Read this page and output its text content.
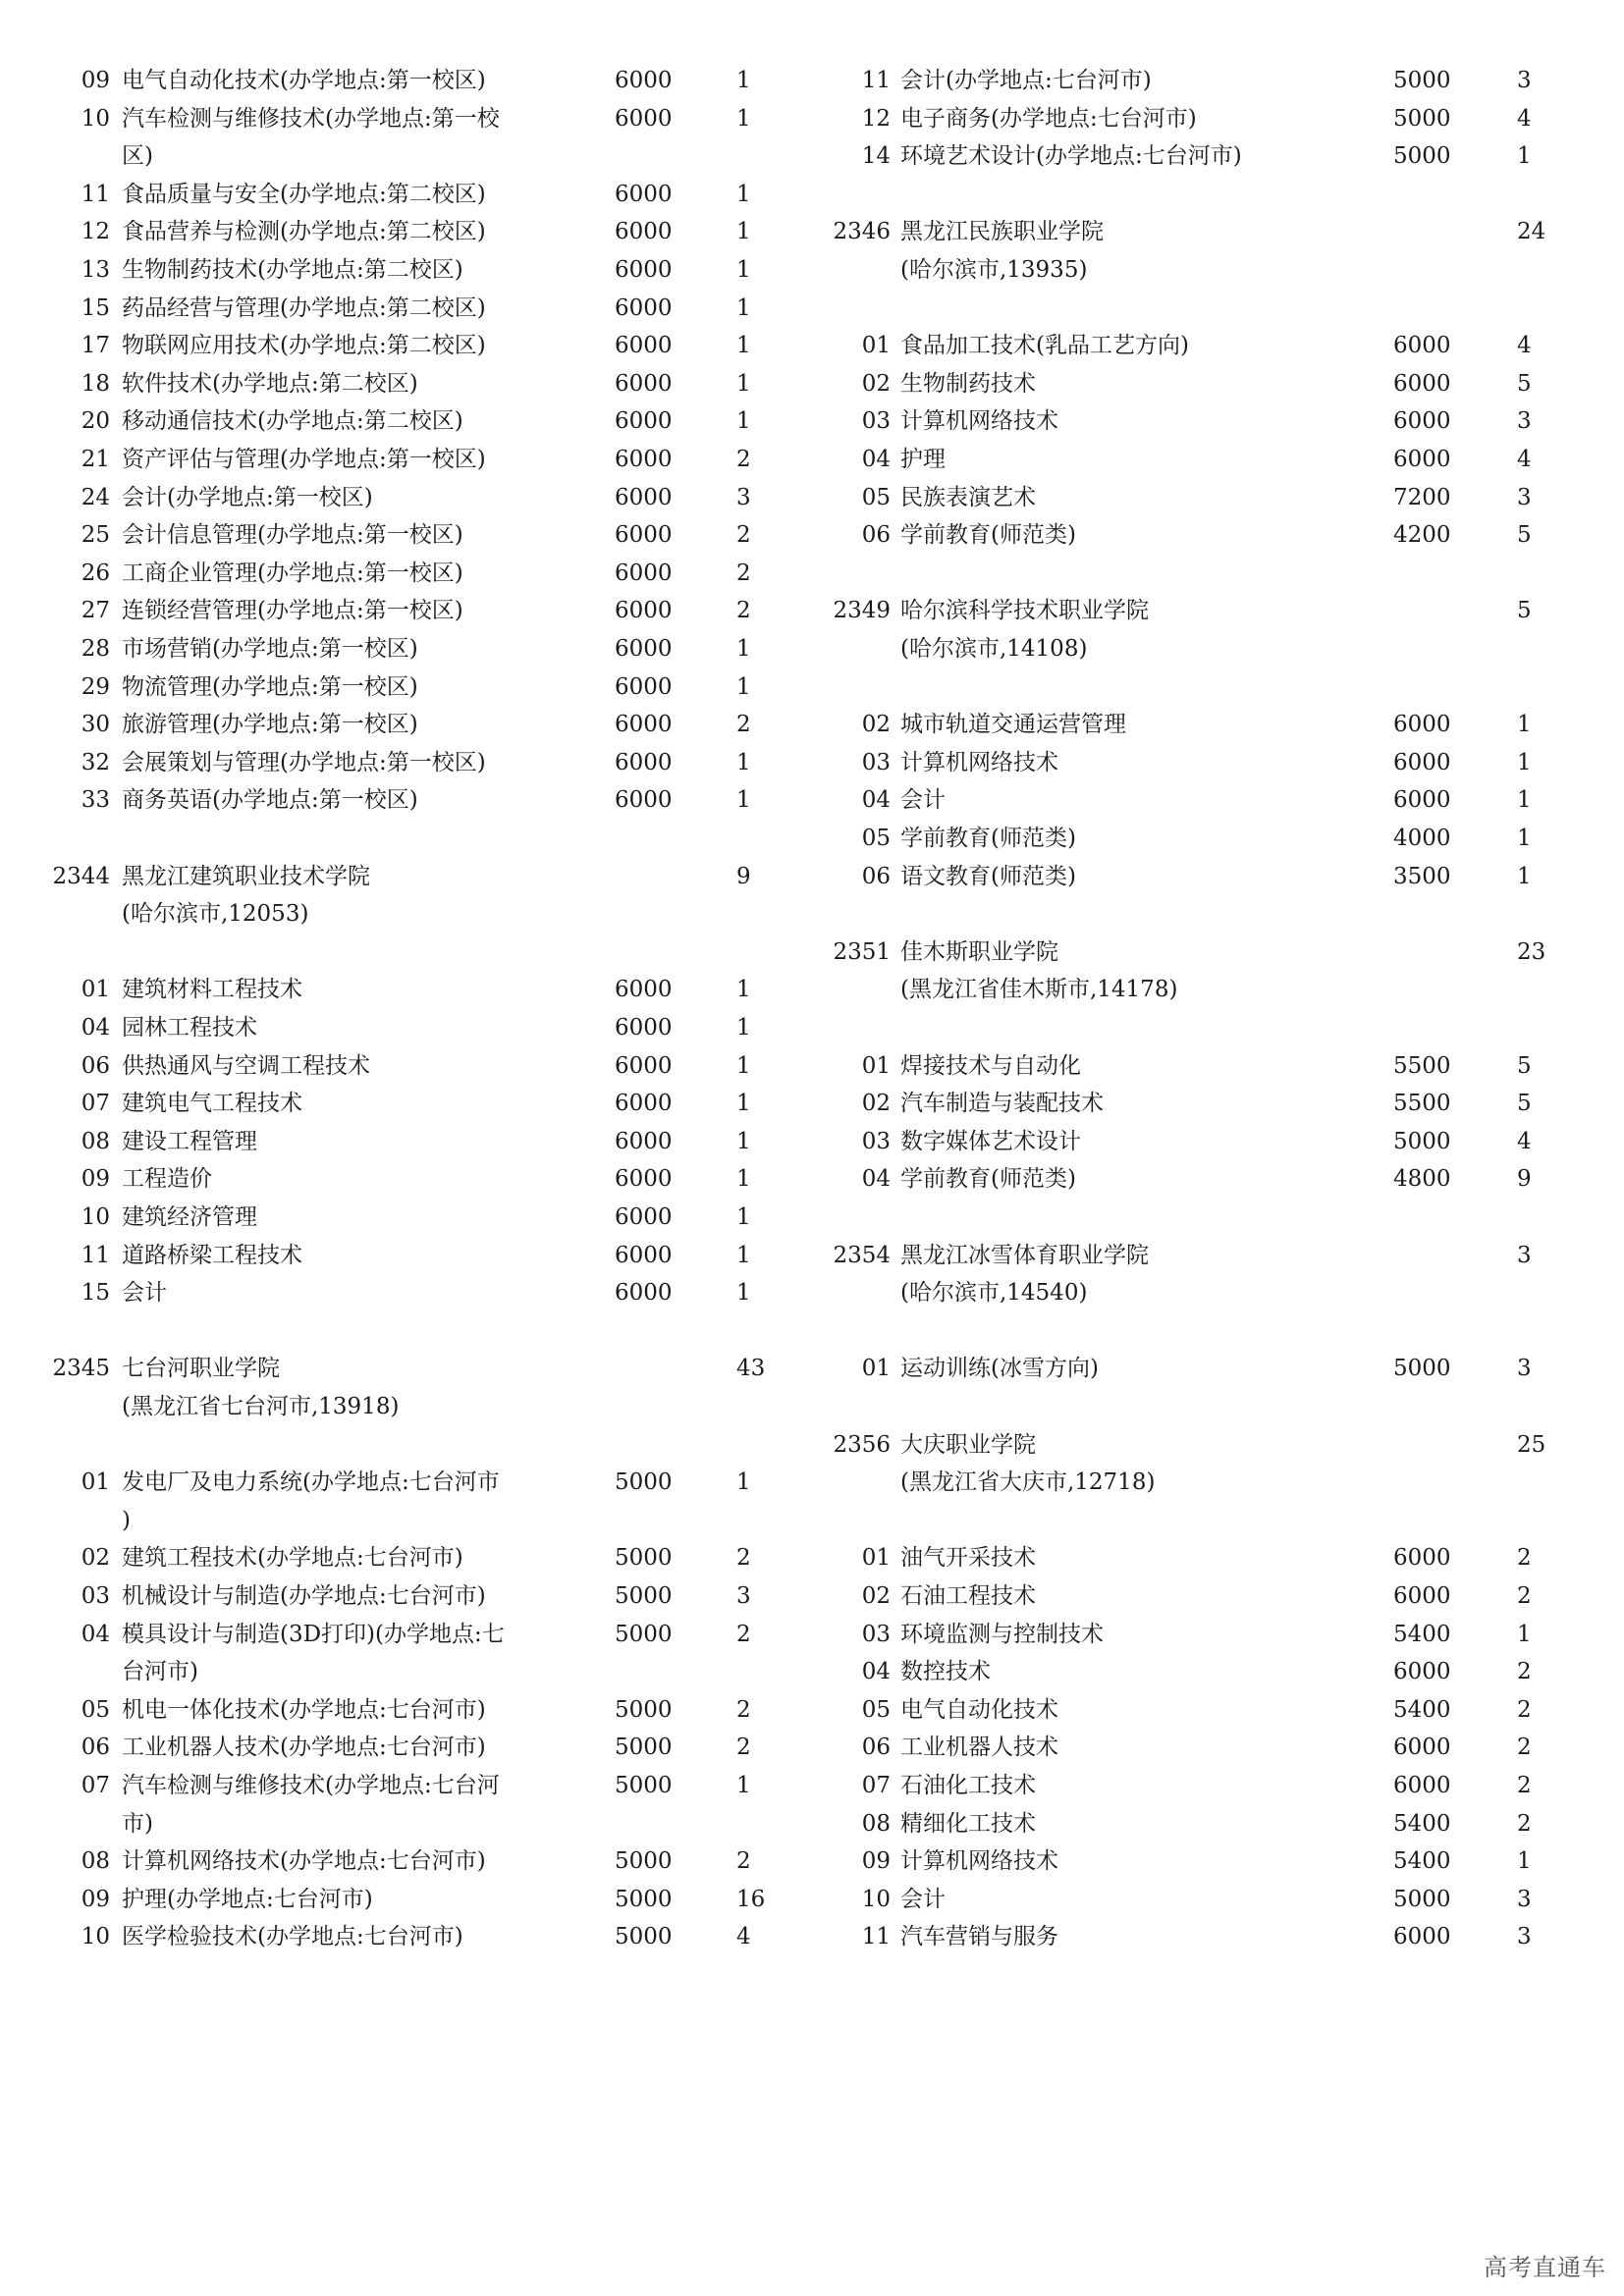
09 电气自动化技术(办学地点:第一校区)	6000	1
10 汽车检测与维修技术(办学地点:第一校	6000	1
区)
11 食品质量与安全(办学地点:第二校区)	6000	1
12 食品营养与检测(办学地点:第二校区)	6000	1
13 生物制药技术(办学地点:第二校区)	6000	1
15 药品经营与管理(办学地点:第二校区)	6000	1
17 物联网应用技术(办学地点:第二校区)	6000	1
18 软件技术(办学地点:第二校区)	6000	1
20 移动通信技术(办学地点:第二校区)	6000	1
21 资产评估与管理(办学地点:第一校区)	6000	2
24 会计(办学地点:第一校区)	6000	3
25 会计信息管理(办学地点:第一校区)	6000	2
26 工商企业管理(办学地点:第一校区)	6000	2
27 连锁经营管理(办学地点:第一校区)	6000	2
28 市场营销(办学地点:第一校区)	6000	1
29 物流管理(办学地点:第一校区)	6000	1
30 旅游管理(办学地点:第一校区)	6000	2
32 会展策划与管理(办学地点:第一校区)	6000	1
33 商务英语(办学地点:第一校区)	6000	1
2344 黑龙江建筑职业技术学院	9
(哈尔滨市,12053)
01 建筑材料工程技术	6000	1
04 园林工程技术	6000	1
06 供热通风与空调工程技术	6000	1
07 建筑电气工程技术	6000	1
08 建设工程管理	6000	1
09 工程造价	6000	1
10 建筑经济管理	6000	1
11 道路桥梁工程技术	6000	1
15 会计	6000	1
2345 七台河职业学院	43
(黑龙江省七台河市,13918)
01 发电厂及电力系统(办学地点:七台河市	5000	1
)
02 建筑工程技术(办学地点:七台河市)	5000	2
03 机械设计与制造(办学地点:七台河市)	5000	3
04 模具设计与制造(3D打印)(办学地点:七	5000	2
台河市)
05 机电一体化技术(办学地点:七台河市)	5000	2
06 工业机器人技术(办学地点:七台河市)	5000	2
07 汽车检测与维修技术(办学地点:七台河	5000	1
市)
08 计算机网络技术(办学地点:七台河市)	5000	2
09 护理(办学地点:七台河市)	5000	16
10 医学检验技术(办学地点:七台河市)	5000	4
11 会计(办学地点:七台河市)	5000	3
12 电子商务(办学地点:七台河市)	5000	4
14 环境艺术设计(办学地点:七台河市)	5000	1
2346 黑龙江民族职业学院	24
(哈尔滨市,13935)
01 食品加工技术(乳品工艺方向)	6000	4
02 生物制药技术	6000	5
03 计算机网络技术	6000	3
04 护理	6000	4
05 民族表演艺术	7200	3
06 学前教育(师范类)	4200	5
2349 哈尔滨科学技术职业学院	5
(哈尔滨市,14108)
02 城市轨道交通运营管理	6000	1
03 计算机网络技术	6000	1
04 会计	6000	1
05 学前教育(师范类)	4000	1
06 语文教育(师范类)	3500	1
2351 佳木斯职业学院	23
(黑龙江省佳木斯市,14178)
01 焊接技术与自动化	5500	5
02 汽车制造与装配技术	5500	5
03 数字媒体艺术设计	5000	4
04 学前教育(师范类)	4800	9
2354 黑龙江冰雪体育职业学院	3
(哈尔滨市,14540)
01 运动训练(冰雪方向)	5000	3
2356 大庆职业学院	25
(黑龙江省大庆市,12718)
01 油气开采技术	6000	2
02 石油工程技术	6000	2
03 环境监测与控制技术	5400	1
04 数控技术	6000	2
05 电气自动化技术	5400	2
06 工业机器人技术	6000	2
07 石油化工技术	6000	2
08 精细化工技术	5400	2
09 计算机网络技术	5400	1
10 会计	5000	3
11 汽车营销与服务	6000	3
高考直通车
